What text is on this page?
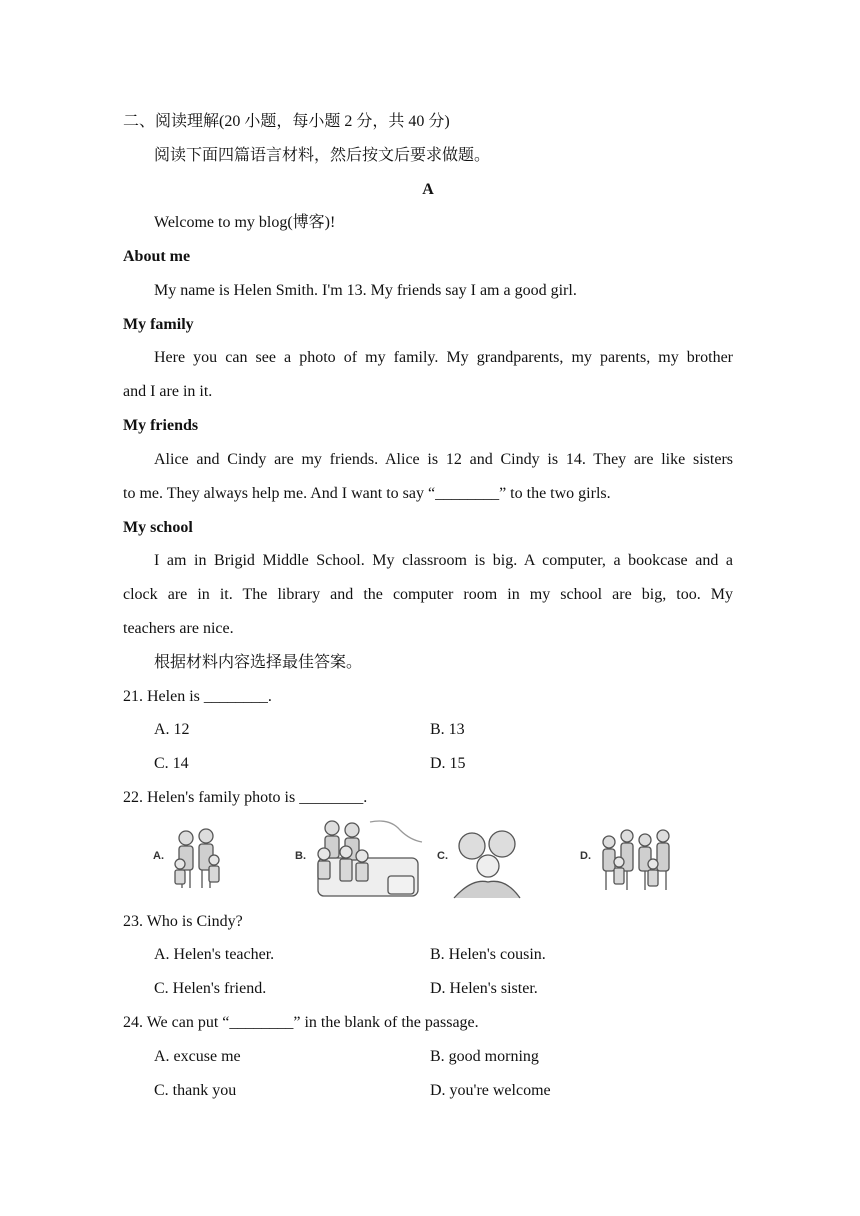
二、阅读理解(20 小题，每小题 2 分，共 40 分)
阅读下面四篇语言材料，然后按文后要求做题。
A
Welcome to my blog(博客)!
About me
My name is Helen Smith. I'm 13. My friends say I am a good girl.
My family
Here you can see a photo of my family. My grandparents, my parents, my brother
and I are in it.
My friends
Alice and Cindy are my friends. Alice is 12 and Cindy is 14. They are like sisters
to me. They always help me. And I want to say “________” to the two girls.
My school
I am in Brigid Middle School. My classroom is big. A computer, a bookcase and a
clock are in it. The library and the computer room in my school are big, too. My
teachers are nice.
根据材料内容选择最佳答案。
21. Helen is ________.
A. 12	B. 13
C. 14	D. 15
22. Helen's family photo is ________.
A.	B.	C.	D.
23. Who is Cindy?
A. Helen's teacher.	B. Helen's cousin.
C. Helen's friend.	D. Helen's sister.
24. We can put “________” in the blank of the passage.
A. excuse me	B. good morning
C. thank you	D. you're welcome
